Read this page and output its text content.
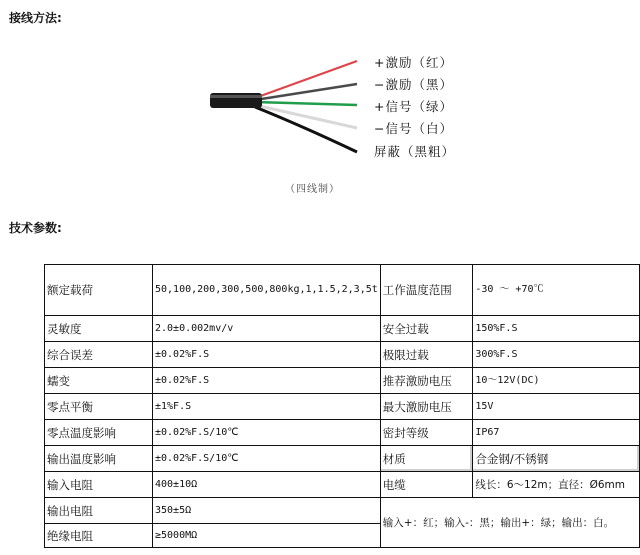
接线方法:
+激励（红）
−激励（黑）
+信号（绿）
−信号（白）
屏蔽（黑粗）
（四线制）
技术参数:
额定载荷	50,100,200,300,500,800kg,1,1.5,2,3,5t	工作温度范围	-30 ～ +70℃
灵敏度	2.0±0.002mv/v	安全过载	150%F.S
综合误差	±0.02%F.S	极限过载	300%F.S
蠕变	±0.02%F.S	推荐激励电压	10～12V(DC)
零点平衡	±1%F.S	最大激励电压	15V
零点温度影响	±0.02%F.S/10℃	密封等级	IP67
输出温度影响	±0.02%F.S/10℃	材质	合金钢/不锈钢
输入电阻	400±10Ω	电缆	线长：6～12m；直径：Ø6mm
输出电阻	350±5Ω	输入+：红；输入-：黑；输出+：绿；输出：白。	
绝缘电阻	≥5000MΩ		
